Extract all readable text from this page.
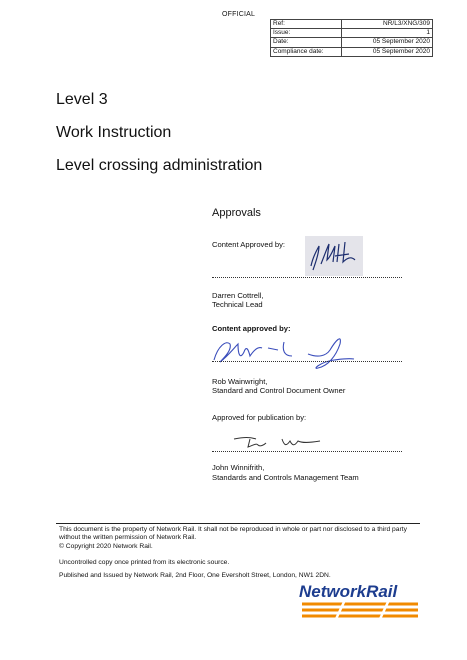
OFFICIAL
Ref:	NR/L3/XNG/309
Issue:	1
Date:	05 September 2020
Compliance date:	05 September 2020
Level 3
Work Instruction
Level crossing administration
Approvals
Content Approved by:
Darren Cottrell,
Technical Lead
Content approved by:
Rob Wainwright,
Standard and Control Document Owner
Approved for publication by:
John Winnifrith,
Standards and Controls Management Team
This document is the property of Network Rail. It shall not be reproduced in whole or part nor disclosed to a third party without the written permission of Network Rail.
© Copyright 2020 Network Rail.
Uncontrolled copy once printed from its electronic source.
Published and Issued by Network Rail, 2nd Floor, One Eversholt Street, London, NW1 2DN.
NetworkRail
